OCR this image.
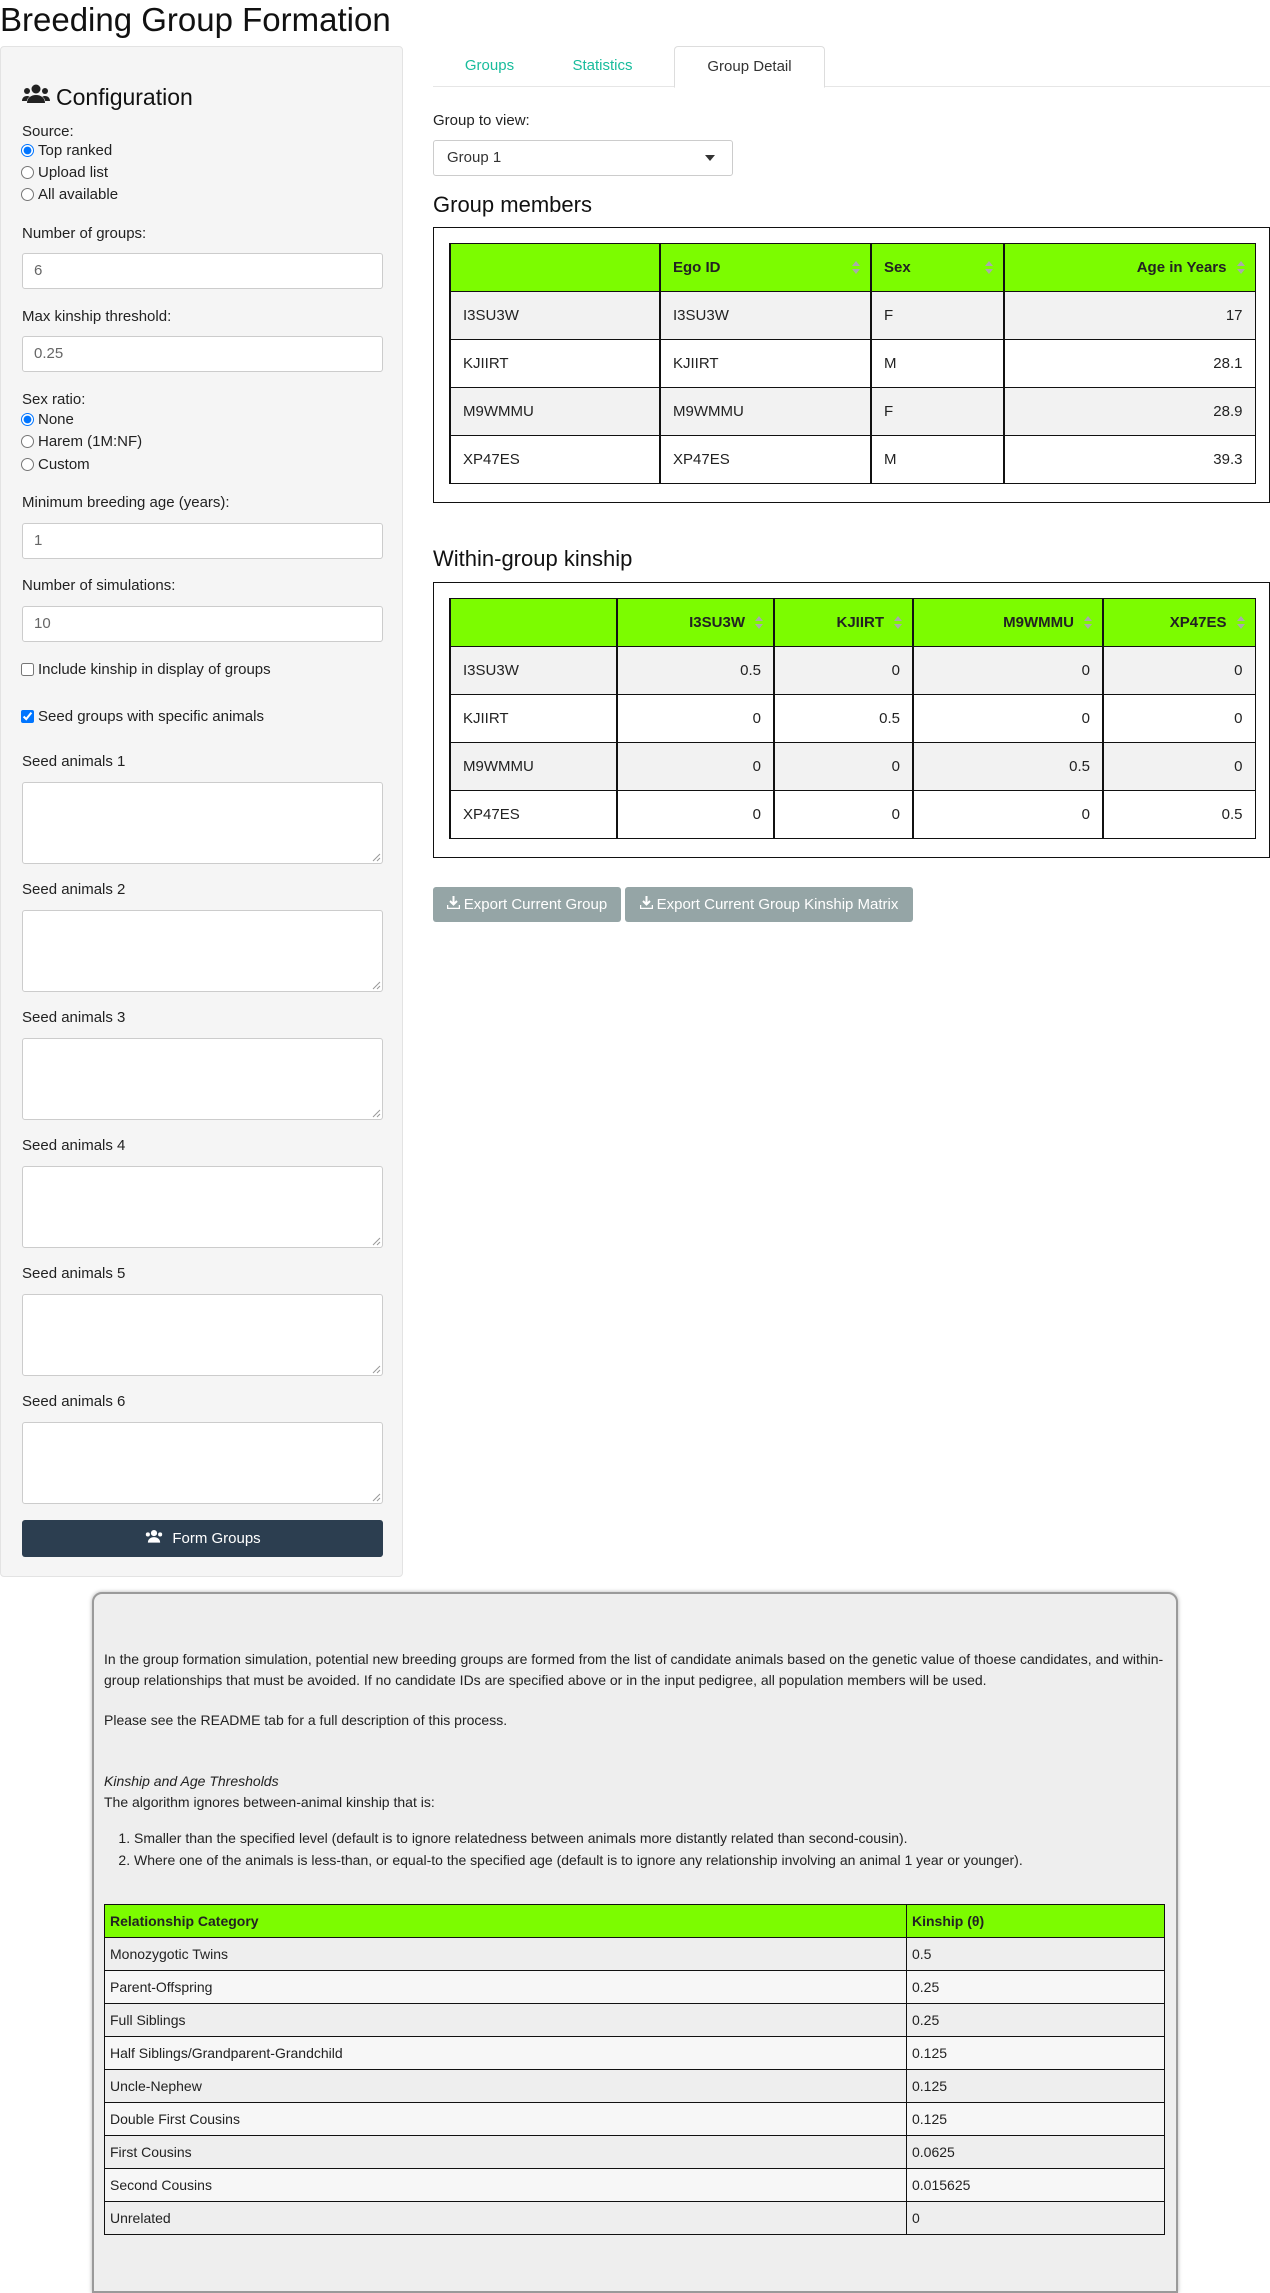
Breeding Group Formation
Configuration
Source:
Top ranked
Upload list
All available
Number of groups:
6
Max kinship threshold:
0.25
Sex ratio:
None
Harem (1M:NF)
Custom
Minimum breeding age (years):
1
Number of simulations:
10
Include kinship in display of groups
Seed groups with specific animals
Seed animals 1
Seed animals 2
Seed animals 3
Seed animals 4
Seed animals 5
Seed animals 6
Form Groups
Groups	Statistics	Group Detail
Group to view:
Group 1
Group members
	Ego ID	Sex	Age in Years

I3SU3W	I3SU3W	F	17
KJIIRT	KJIIRT	M	28.1
M9WMMU	M9WMMU	F	28.9
XP47ES	XP47ES	M	39.3
Within-group kinship
	I3SU3W	KJIIRT	M9WMMU	XP47ES

I3SU3W	0.5	0	0	0
KJIIRT	0	0.5	0	0
M9WMMU	0	0	0.5	0
XP47ES	0	0	0	0.5
Export Current Group	Export Current Group Kinship Matrix

In the group formation simulation, potential new breeding groups are formed from the list of candidate animals based on the genetic value of thoese candidates, and within-group relationships that must be avoided. If no candidate IDs are specified above or in the input pedigree, all population members will be used.

Please see the README tab for a full description of this process.

Kinship and Age Thresholds

The algorithm ignores between-animal kinship that is:

1. Smaller than the specified level (default is to ignore relatedness between animals more distantly related than second-cousin).
2. Where one of the animals is less-than, or equal-to the specified age (default is to ignore any relationship involving an animal 1 year or younger).
Relationship Category	Kinship (θ)
Monozygotic Twins	0.5
Parent-Offspring	0.25
Full Siblings	0.25
Half Siblings/Grandparent-Grandchild	0.125
Uncle-Nephew	0.125
Double First Cousins	0.125
First Cousins	0.0625
Second Cousins	0.015625
Unrelated	0
